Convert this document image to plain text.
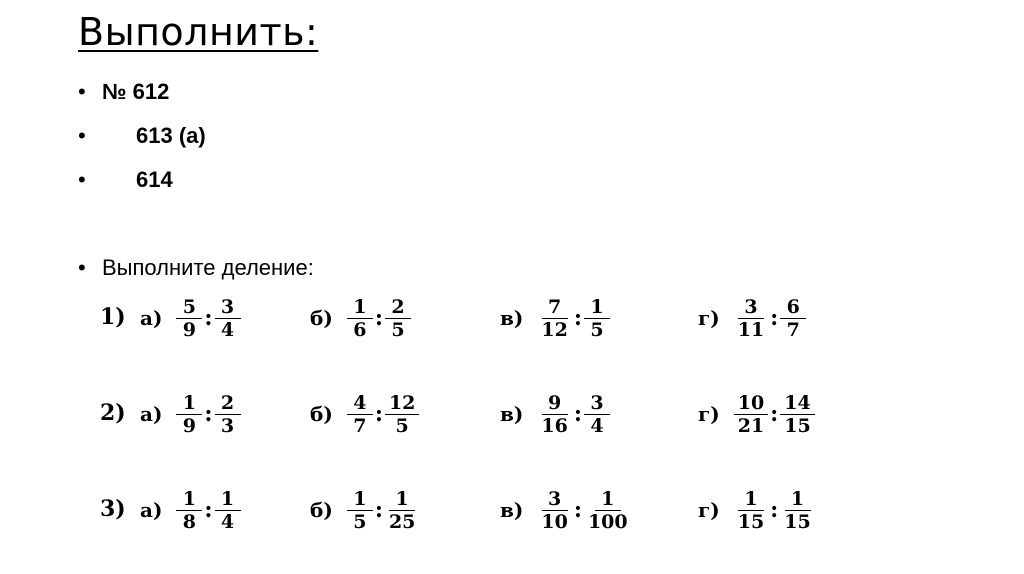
Выполнить:
• № 612
• 613 (а)
• 614
• Выполните деление:
1) $а) \frac{5}{9}$ : $\frac{3}{4}$	$б) \frac{1}{6}$ : $\frac{2}{5}$	$в) \frac{7}{12}$ : $\frac{1}{5}$	$г) \frac{3}{11}$ : $\frac{6}{7}$
2) $а) \frac{1}{9}$ : $\frac{2}{3}$	$б) \frac{4}{7}$ : $\frac{12}{5}$	$в) \frac{9}{16}$ : $\frac{3}{4}$	$г) \frac{10}{21}$ : $\frac{14}{15}$
3) $а) \frac{1}{8}$ : $\frac{1}{4}$	$б) \frac{1}{5}$ : $\frac{1}{25}$	$в) \frac{3}{10}$ : $\frac{1}{100}$	$г) \frac{1}{15}$ : $\frac{1}{15}$
